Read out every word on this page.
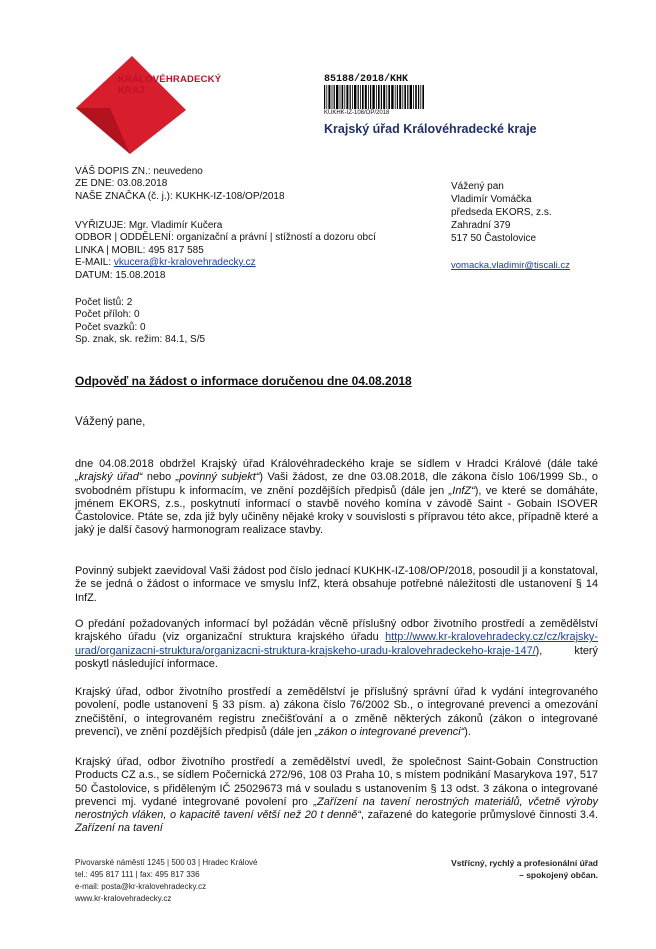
KRÁLOVÉHRADECKÝ
KRAJ
85188/2018/KHK
KUKHK-IZ-108/OP/2018
Krajský úřad Královéhradecké kraje
VÁŠ DOPIS ZN.: neuvedeno
ZE DNE: 03.08.2018
NAŠE ZNAČKA (č. j.): KUKHK-IZ-108/OP/2018
VYŘIZUJE: Mgr. Vladimír Kučera
ODBOR | ODDĚLENÍ: organizační a právní | stížností a dozoru obcí
LINKA | MOBIL: 495 817 585
E-MAIL: vkucera@kr-kralovehradecky.cz
DATUM: 15.08.2018
Počet listů: 2
Počet příloh: 0
Počet svazků: 0
Sp. znak, sk. režim: 84.1, S/5
Vážený pan
Vladimír Vomáčka
předseda EKORS, z.s.
Zahradní 379
517 50 Častolovice
vomacka.vladimir@tiscali.cz
Odpověď na žádost o informace doručenou dne 04.08.2018
Vážený pane,
dne 04.08.2018 obdržel Krajský úřad Královéhradeckého kraje se sídlem v Hradci Králové (dále také „krajský úřad“ nebo „povinný subjekt“) Vaši žádost, ze dne 03.08.2018, dle zákona číslo 106/1999 Sb., o svobodném přístupu k informacím, ve znění pozdějších předpisů (dále jen „InfZ“), ve které se domáháte, jménem EKORS, z.s., poskytnutí informací o stavbě nového komína v závodě Saint - Gobain ISOVER Častolovice. Ptáte se, zda již byly učiněny nějaké kroky v souvislosti s přípravou této akce, případně které a jaký je další časový harmonogram realizace stavby.
Povinný subjekt zaevidoval Vaši žádost pod číslo jednací KUKHK-IZ-108/OP/2018, posoudil ji a konstatoval, že se jedná o žádost o informace ve smyslu InfZ, která obsahuje potřebné náležitosti dle ustanovení § 14 InfZ.
O předání požadovaných informací byl požádán věcně příslušný odbor životního prostředí a zemědělství krajského úřadu (viz organizační struktura krajského úřadu http://www.kr-kralovehradecky.cz/cz/krajsky-urad/organizacni-struktura/organizacni-struktura-krajskeho-uradu-kralovehradeckeho-kraje-147/), který poskytl následující informace.
Krajský úřad, odbor životního prostředí a zemědělství je příslušný správní úřad k vydání integrovaného povolení, podle ustanovení § 33 písm. a) zákona číslo 76/2002 Sb., o integrované prevenci a omezování znečištění, o integrovaném registru znečišťování a o změně některých zákonů (zákon o integrované prevenci), ve znění pozdějších předpisů (dále jen „zákon o integrované prevenci“).
Krajský úřad, odbor životního prostředí a zemědělství uvedl, že společnost Saint-Gobain Construction Products CZ a.s., se sídlem Počernická 272/96, 108 03 Praha 10, s místem podnikání Masarykova 197, 517 50 Častolovice, s přiděleným IČ 25029673 má v souladu s ustanovením § 13 odst. 3 zákona o integrované prevenci mj. vydané integrované povolení pro „Zařízení na tavení nerostných materiálů, včetně výroby nerostných vláken, o kapacitě tavení větší než 20 t denně“, zařazené do kategorie průmyslové činnosti 3.4. Zařízení na tavení
Pivovarské náměstí 1245 | 500 03 | Hradec Králové
tel.: 495 817 111 | fax: 495 817 336
e-mail: posta@kr-kralovehradecky.cz
www.kr-kralovehradecky.cz
Vstřícný, rychlý a profesionální úřad
– spokojený občan.
